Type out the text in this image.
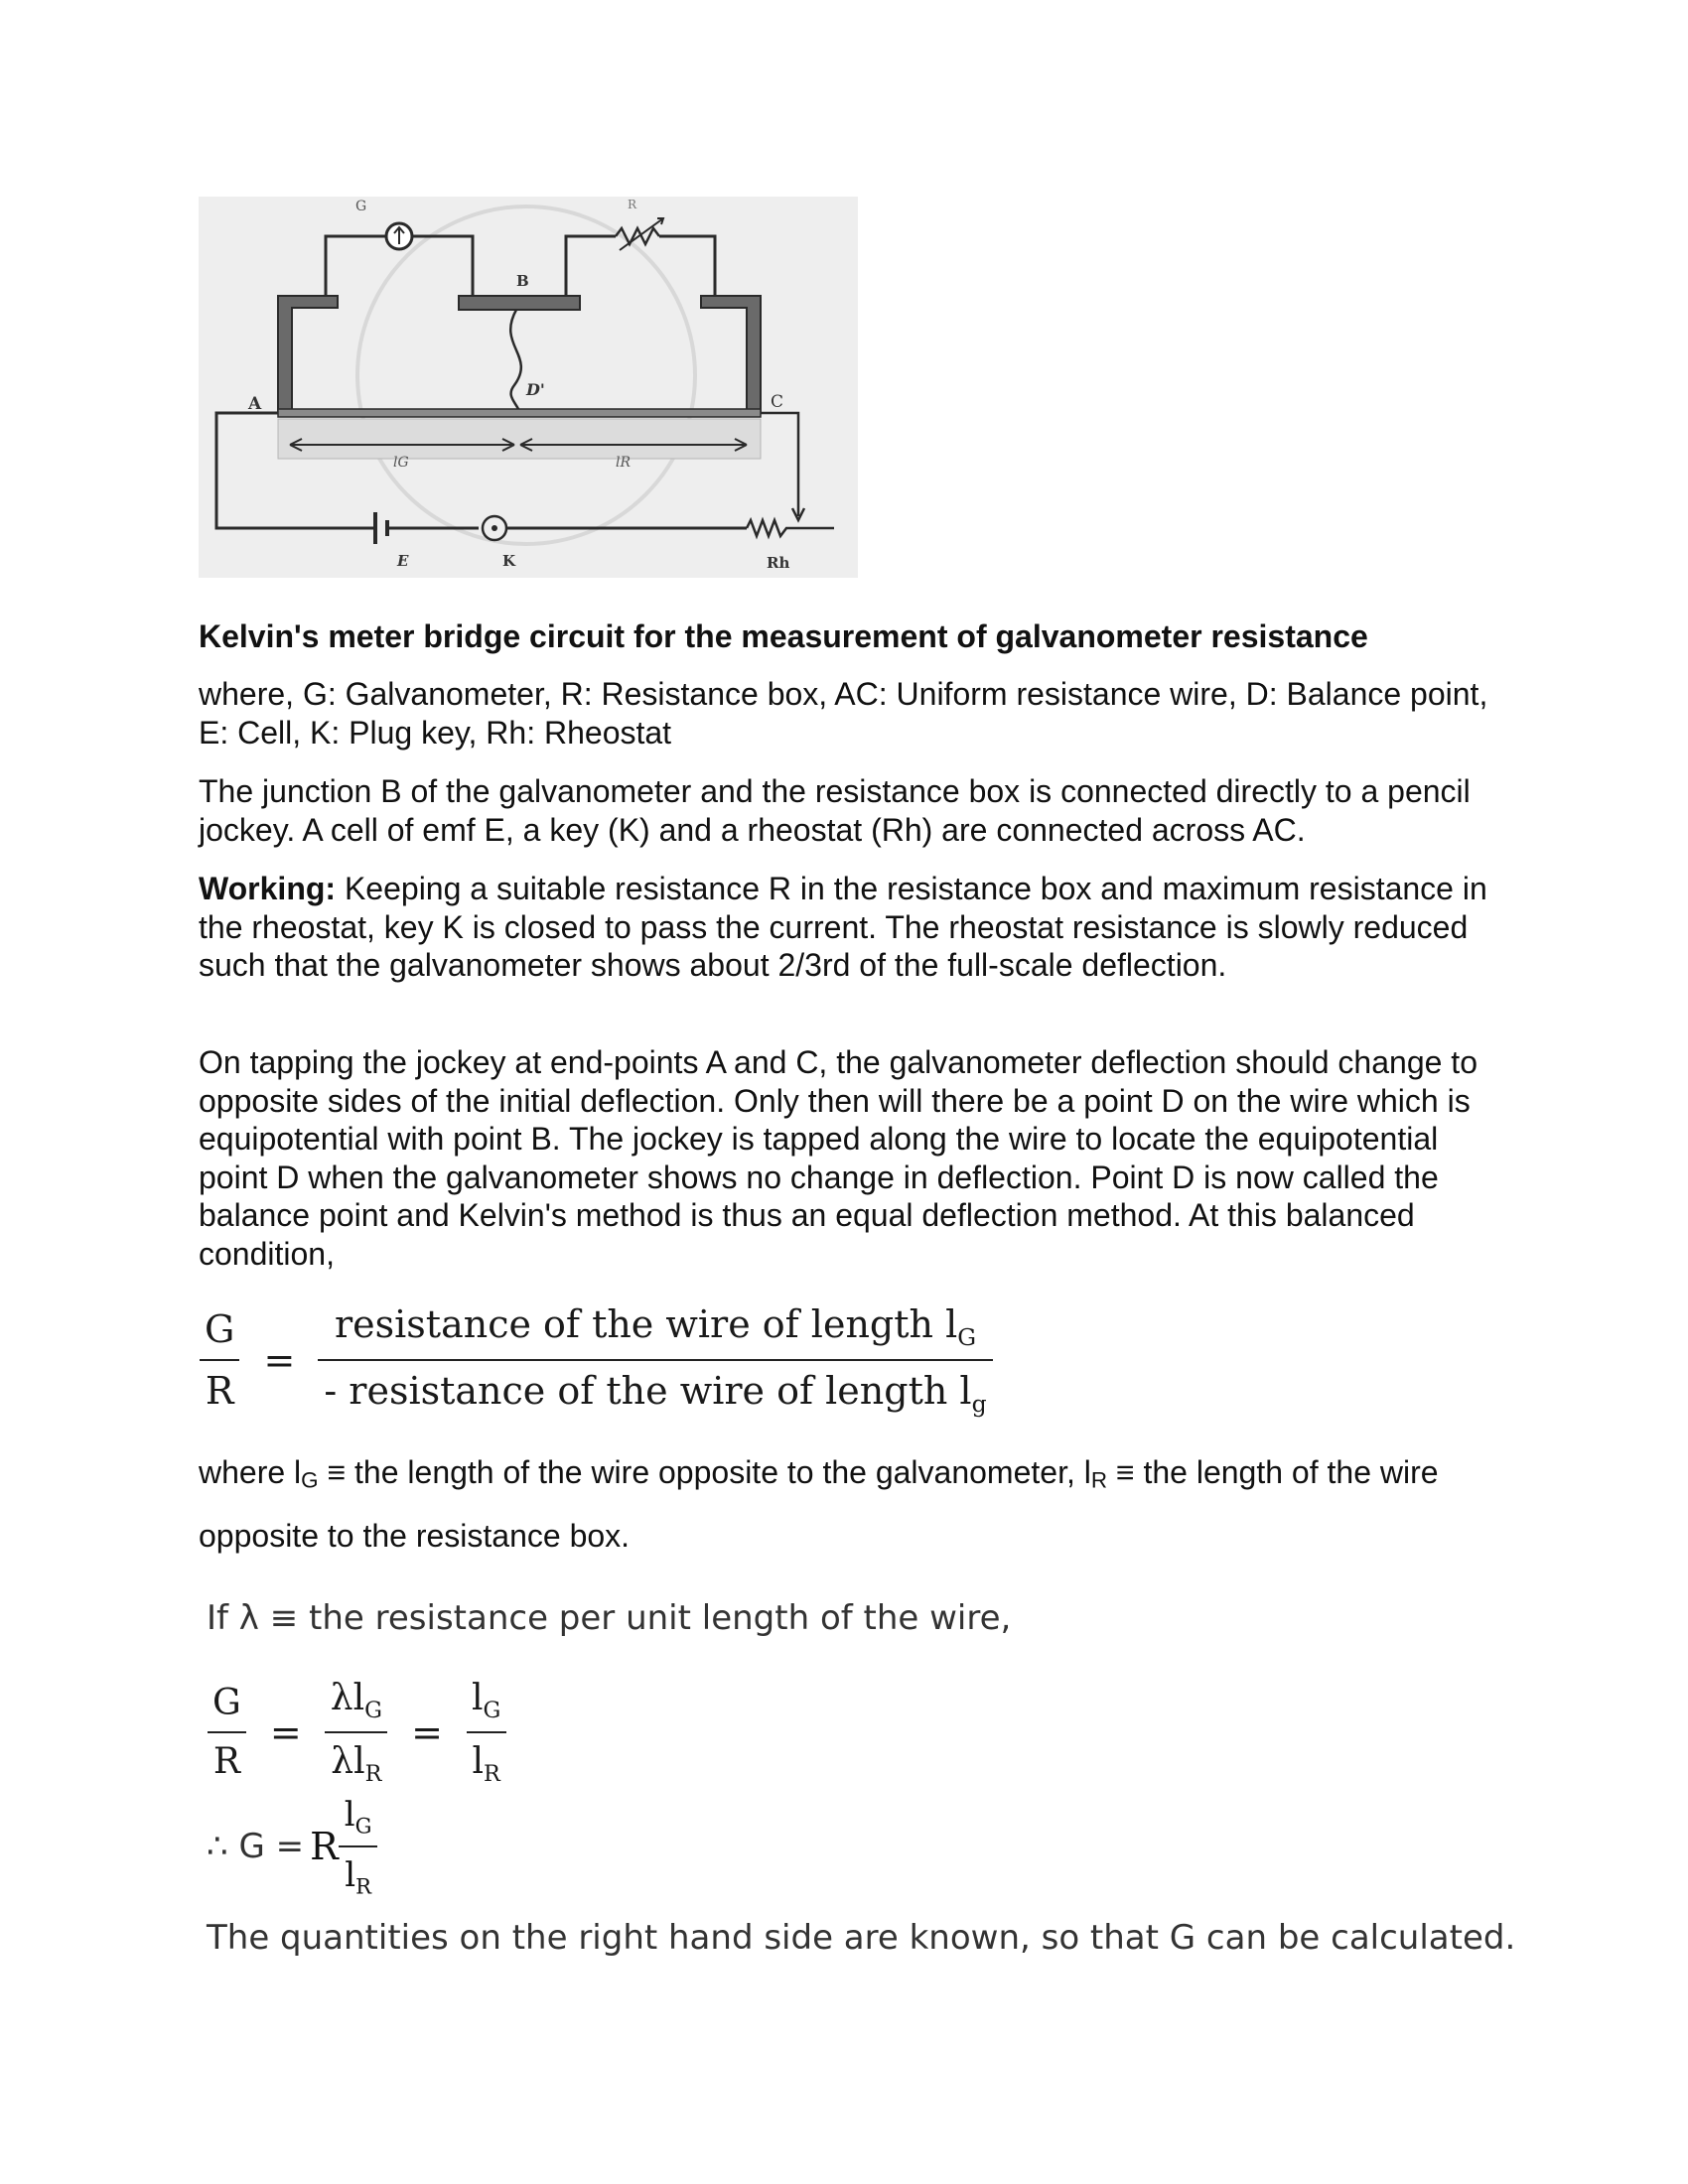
G	R
B
A
D'
C
lG	lR
E	K	Rh
Kelvin's meter bridge circuit for the measurement of galvanometer resistance

where, G: Galvanometer, R: Resistance box, AC: Uniform resistance wire, D: Balance point, E: Cell, K: Plug key, Rh: Rheostat

The junction B of the galvanometer and the resistance box is connected directly to a pencil jockey. A cell of emf E, a key (K) and a rheostat (Rh) are connected across AC.

Working: Keeping a suitable resistance R in the resistance box and maximum resistance in the rheostat, key K is closed to pass the current. The rheostat resistance is slowly reduced such that the galvanometer shows about 2/3rd of the full-scale deflection.

On tapping the jockey at end-points A and C, the galvanometer deflection should change to opposite sides of the initial deflection. Only then will there be a point D on the wire which is equipotential with point B. The jockey is tapped along the wire to locate the equipotential point D when the galvanometer shows no change in deflection. Point D is now called the balance point and Kelvin's method is thus an equal deflection method. At this balanced condition,

$\frac{G}{R} = \frac{resistance of the wire of length l_G}{- resistance of the wire of length l_g}$
where $l_G$ ≡ the length of the wire opposite to the galvanometer, $l_R$ ≡ the length of the wire opposite to the resistance box.
If λ ≡ the resistance per unit length of the wire,
$\frac{G}{R} = \frac{\lambda l_G}{\lambda l_R} = \frac{l_G}{l_R}$
∴ $G =R \frac{l_G}{l_R}$
The quantities on the right hand side are known, so that G can be calculated.
